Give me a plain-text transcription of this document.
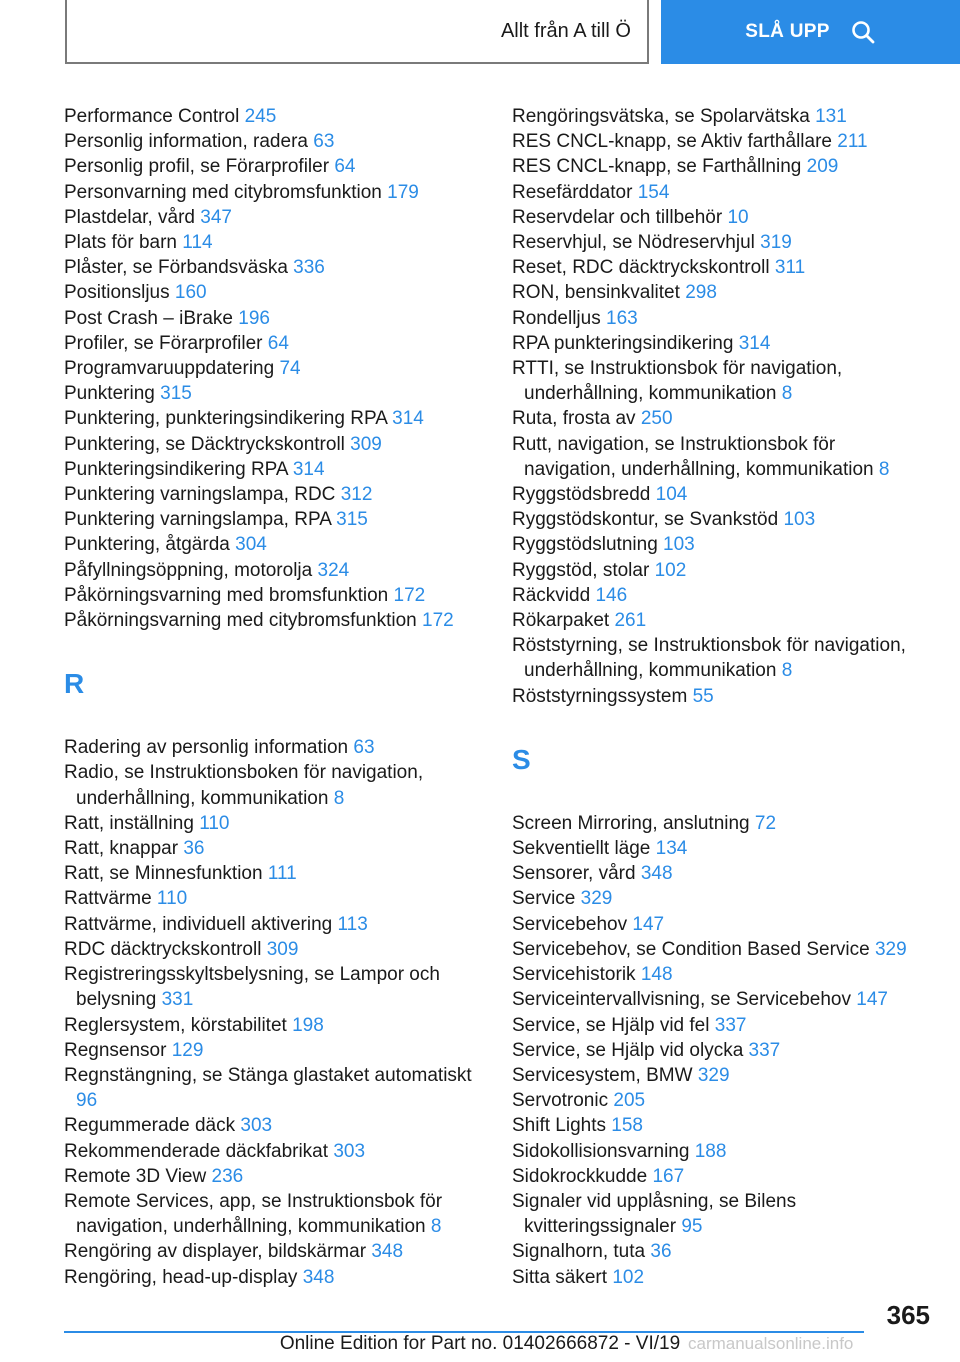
Allt från A till Ö	SLÅ UPP
Performance Control 245
Personlig information, radera 63
Personlig profil, se Förarprofiler 64
Personvarning med citybromsfunktion 179
Plastdelar, vård 347
Plats för barn 114
Plåster, se Förbandsväska 336
Positionsljus 160
Post Crash – iBrake 196
Profiler, se Förarprofiler 64
Programvaruuppdatering 74
Punktering 315
Punktering, punkteringsindikering RPA 314
Punktering, se Däcktryckskontroll 309
Punkteringsindikering RPA 314
Punktering varningslampa, RDC 312
Punktering varningslampa, RPA 315
Punktering, åtgärda 304
Påfyllningsöppning, motorolja 324
Påkörningsvarning med bromsfunktion 172
Påkörningsvarning med citybromsfunktion 172
R
Radering av personlig information 63
Radio, se Instruktionsboken för navigation, underhållning, kommunikation 8
Ratt, inställning 110
Ratt, knappar 36
Ratt, se Minnesfunktion 111
Rattvärme 110
Rattvärme, individuell aktivering 113
RDC däcktryckskontroll 309
Registreringsskyltsbelysning, se Lampor och belysning 331
Reglersystem, körstabilitet 198
Regnsensor 129
Regnstängning, se Stänga glastaket automatiskt 96
Regummerade däck 303
Rekommenderade däckfabrikat 303
Remote 3D View 236
Remote Services, app, se Instruktionsbok för navigation, underhållning, kommunikation 8
Rengöring av displayer, bildskärmar 348
Rengöring, head-up-display 348
Rengöringsvätska, se Spolarvätska 131
RES CNCL-knapp, se Aktiv farthållare 211
RES CNCL-knapp, se Farthållning 209
Resefärddator 154
Reservdelar och tillbehör 10
Reservhjul, se Nödreservhjul 319
Reset, RDC däcktryckskontroll 311
RON, bensinkvalitet 298
Rondelljus 163
RPA punkteringsindikering 314
RTTI, se Instruktionsbok för navigation, underhållning, kommunikation 8
Ruta, frosta av 250
Rutt, navigation, se Instruktionsbok för navigation, underhållning, kommunikation 8
Ryggstödsbredd 104
Ryggstödskontur, se Svankstöd 103
Ryggstödslutning 103
Ryggstöd, stolar 102
Räckvidd 146
Rökarpaket 261
Röststyrning, se Instruktionsbok för navigation, underhållning, kommunikation 8
Röststyrningssystem 55
S
Screen Mirroring, anslutning 72
Sekventiellt läge 134
Sensorer, vård 348
Service 329
Servicebehov 147
Servicebehov, se Condition Based Service 329
Servicehistorik 148
Serviceintervallvisning, se Servicebehov 147
Service, se Hjälp vid fel 337
Service, se Hjälp vid olycka 337
Servicesystem, BMW 329
Servotronic 205
Shift Lights 158
Sidokollisionsvarning 188
Sidokrockkudde 167
Signaler vid upplåsning, se Bilens kvitteringssignaler 95
Signalhorn, tuta 36
Sitta säkert 102
365
Online Edition for Part no. 01402666872 - VI/19 carmanualsonline.info
